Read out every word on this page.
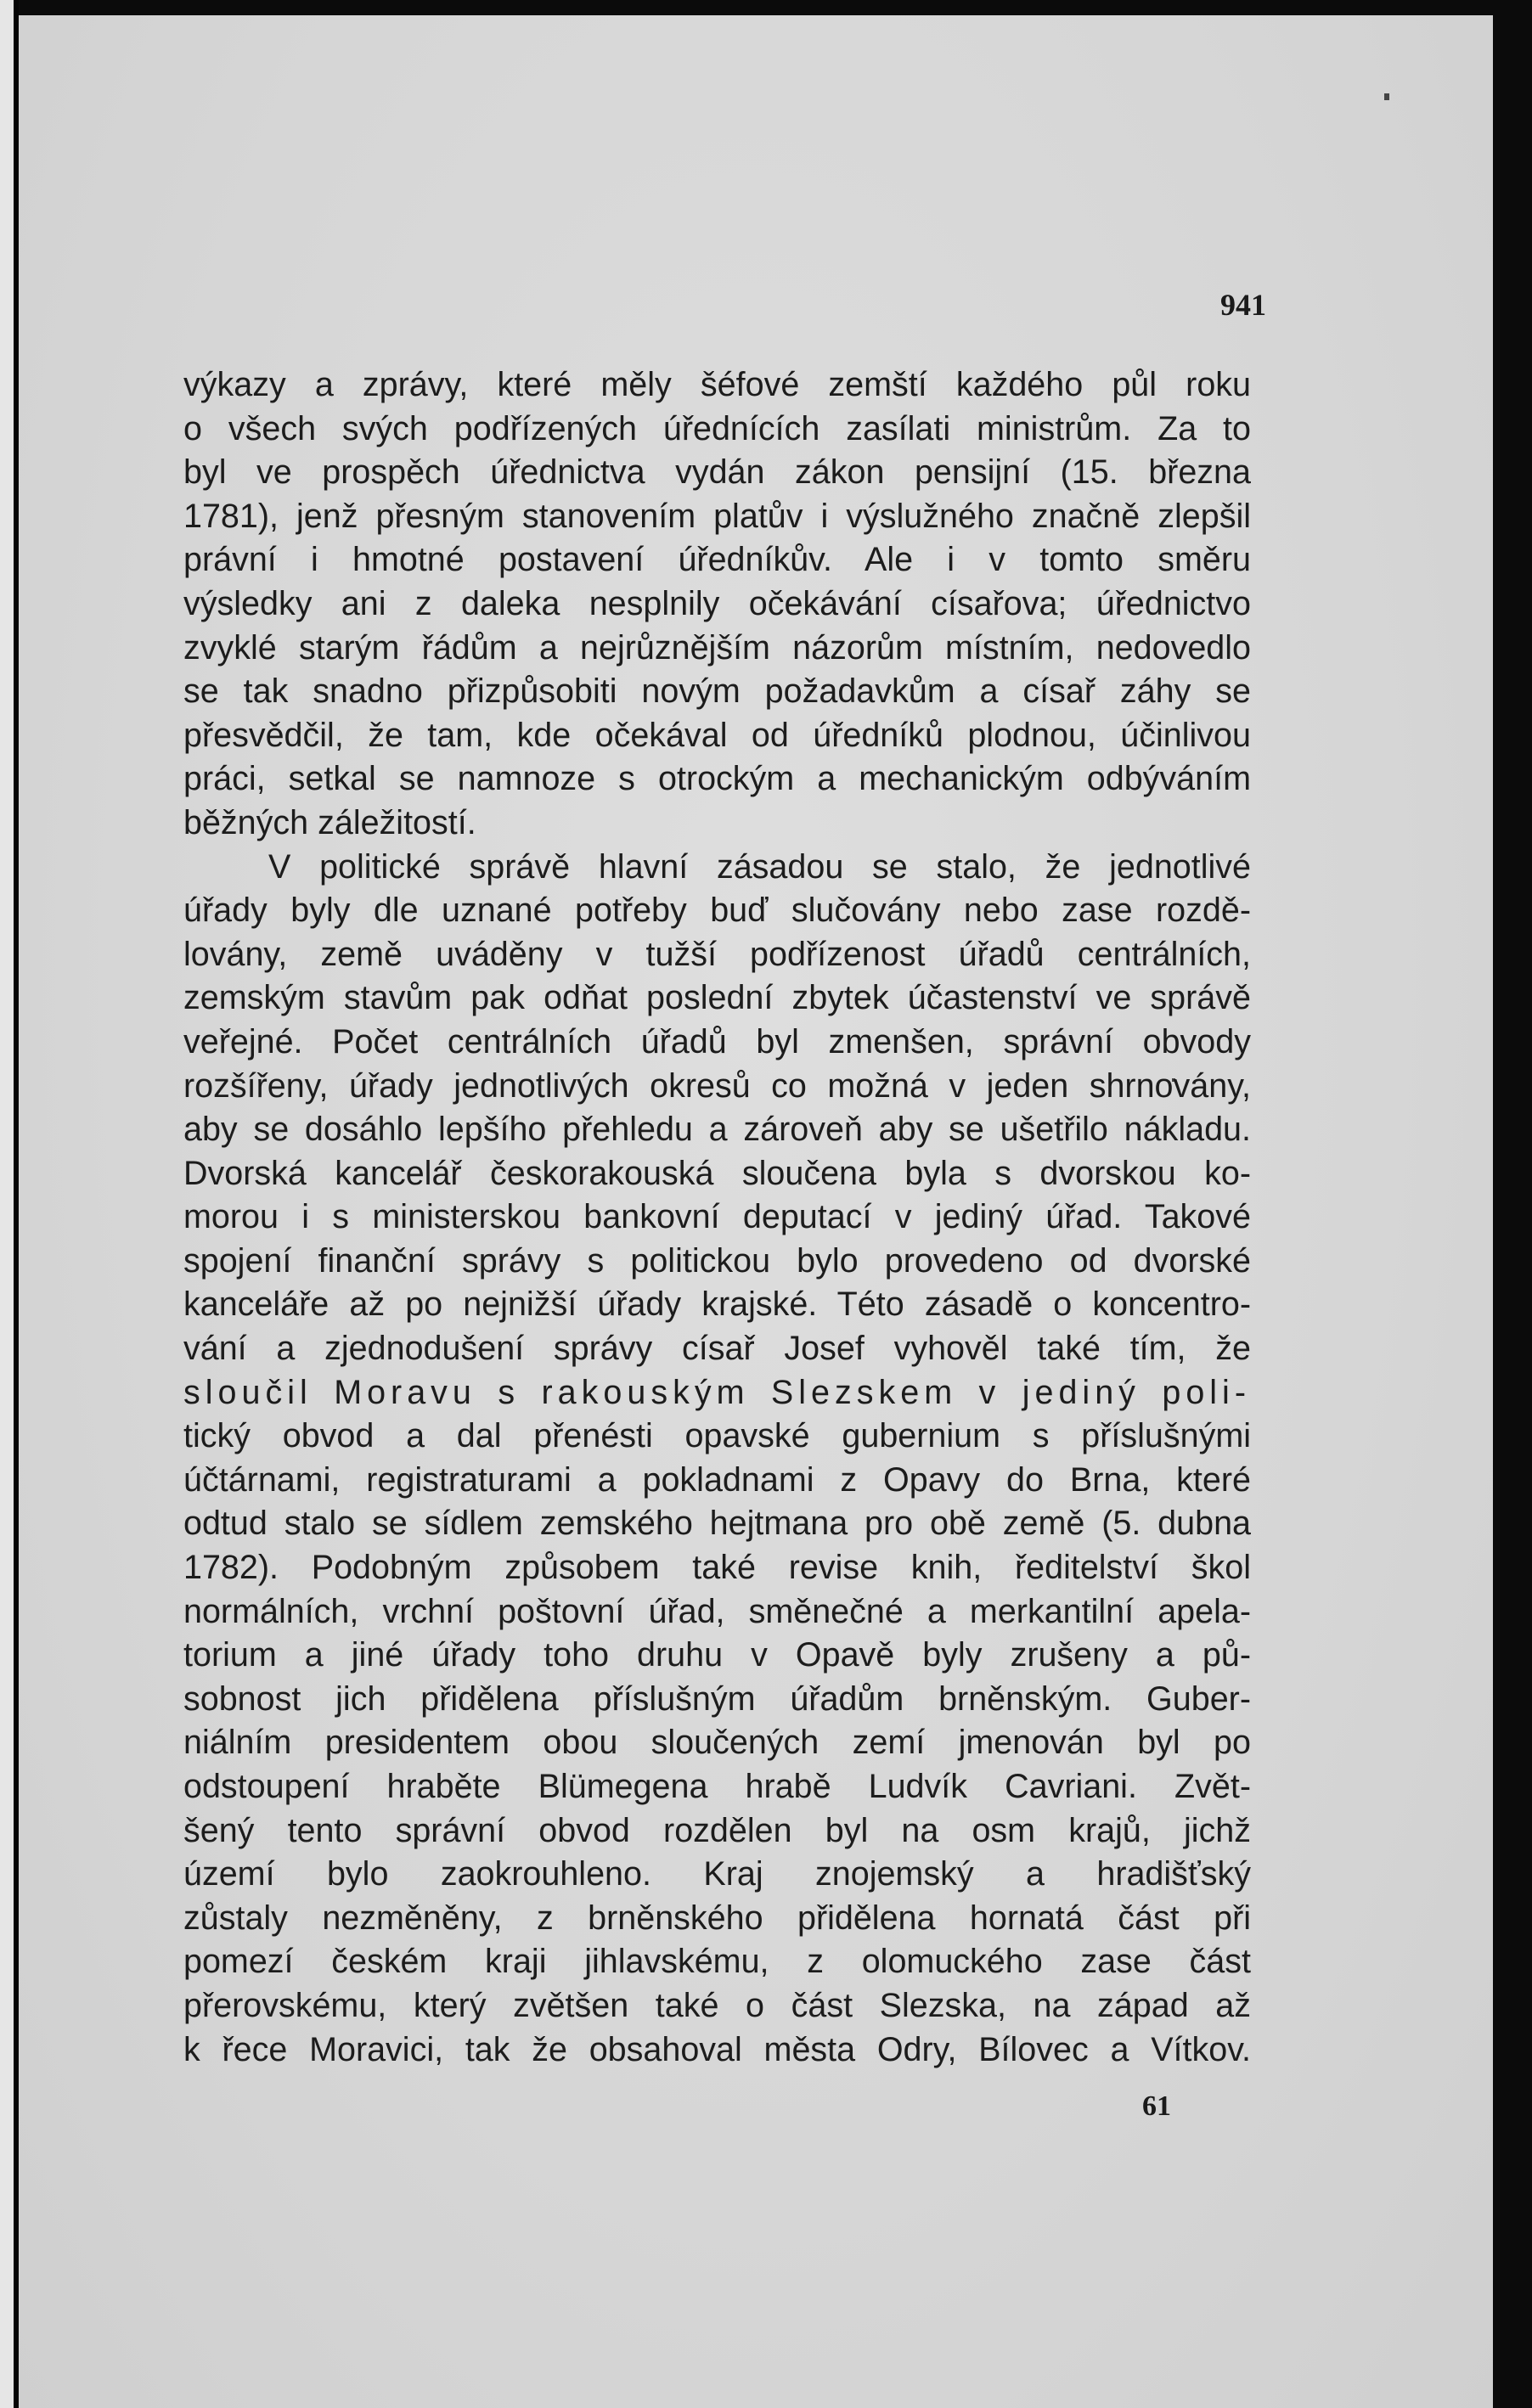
941
výkazy a zprávy, které měly šéfové zemští každého půl roku
o všech svých podřízených úřednících zasílati ministrům. Za to
byl ve prospěch úřednictva vydán zákon pensijní (15. března
1781), jenž přesným stanovením platův i výslužného značně zlepšil
právní i hmotné postavení úředníkův. Ale i v tomto směru
výsledky ani z daleka nesplnily očekávání císařova; úřednictvo
zvyklé starým řádům a nejrůznějším názorům místním, nedovedlo
se tak snadno přizpůsobiti novým požadavkům a císař záhy se
přesvědčil, že tam, kde očekával od úředníků plodnou, účinlivou
práci, setkal se namnoze s otrockým a mechanickým odbýváním
běžných záležitostí.
V politické správě hlavní zásadou se stalo, že jednotlivé
úřady byly dle uznané potřeby buď slučovány nebo zase rozdě-
lovány, země uváděny v tužší podřízenost úřadů centrálních,
zemským stavům pak odňat poslední zbytek účastenství ve správě
veřejné. Počet centrálních úřadů byl zmenšen, správní obvody
rozšířeny, úřady jednotlivých okresů co možná v jeden shrnovány,
aby se dosáhlo lepšího přehledu a zároveň aby se ušetřilo nákladu.
Dvorská kancelář českorakouská sloučena byla s dvorskou ko-
morou i s ministerskou bankovní deputací v jediný úřad. Takové
spojení finanční správy s politickou bylo provedeno od dvorské
kanceláře až po nejnižší úřady krajské. Této zásadě o koncentro-
vání a zjednodušení správy císař Josef vyhověl také tím, že
sloučil Moravu s rakouským Slezskem v jediný poli-
tický obvod a dal přenésti opavské gubernium s příslušnými
účtárnami, registraturami a pokladnami z Opavy do Brna, které
odtud stalo se sídlem zemského hejtmana pro obě země (5. dubna
1782). Podobným způsobem také revise knih, ředitelství škol
normálních, vrchní poštovní úřad, směnečné a merkantilní apela-
torium a jiné úřady toho druhu v Opavě byly zrušeny a pů-
sobnost jich přidělena příslušným úřadům brněnským. Guber-
niálním presidentem obou sloučených zemí jmenován byl po
odstoupení hraběte Blümegena hrabě Ludvík Cavriani. Zvět-
šený tento správní obvod rozdělen byl na osm krajů, jichž
území bylo zaokrouhleno. Kraj znojemský a hradišťský
zůstaly nezměněny, z brněnského přidělena hornatá část při
pomezí českém kraji jihlavskému, z olomuckého zase část
přerovskému, který zvětšen také o část Slezska, na západ až
k řece Moravici, tak že obsahoval města Odry, Bílovec a Vítkov.
61
